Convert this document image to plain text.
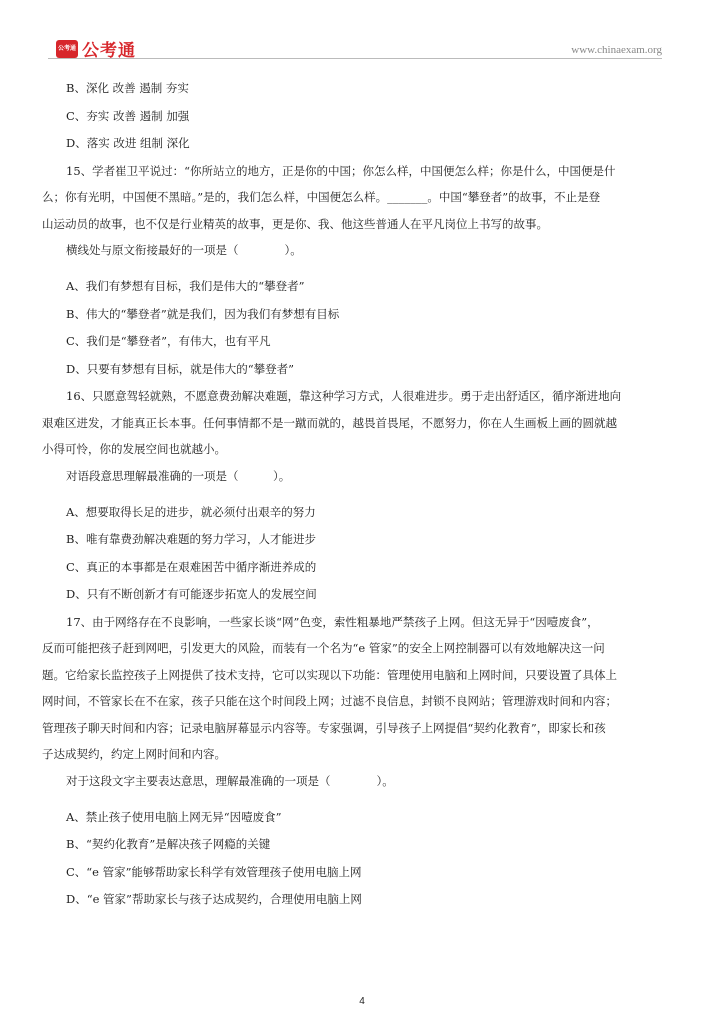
公考通 公考通	www.chinaexam.org
B、深化 改善 遏制 夯实
C、夯实 改善 遏制 加强
D、落实 改进 组制 深化
15、学者崔卫平说过：“你所站立的地方，正是你的中国；你怎么样，中国便怎么样；你是什么，中国便是什
么；你有光明，中国便不黑暗。”是的，我们怎么样，中国便怎么样。_______。中国“攀登者”的故事，不止是登
山运动员的故事，也不仅是行业精英的故事，更是你、我、他这些普通人在平凡岗位上书写的故事。
横线处与原文衔接最好的一项是（　　　　）。
A、我们有梦想有目标，我们是伟大的“攀登者”
B、伟大的“攀登者”就是我们，因为我们有梦想有目标
C、我们是“攀登者”，有伟大，也有平凡
D、只要有梦想有目标，就是伟大的“攀登者”
16、只愿意驾轻就熟，不愿意费劲解决难题，靠这种学习方式，人很难进步。勇于走出舒适区，循序渐进地向
艰难区进发，才能真正长本事。任何事情都不是一蹴而就的，越畏首畏尾，不愿努力，你在人生画板上画的圆就越
小得可怜，你的发展空间也就越小。
对语段意思理解最准确的一项是（　　　）。
A、想要取得长足的进步，就必须付出艰辛的努力
B、唯有靠费劲解决难题的努力学习，人才能进步
C、真正的本事都是在艰难困苦中循序渐进养成的
D、只有不断创新才有可能逐步拓宽人的发展空间
17、由于网络存在不良影响，一些家长谈“网”色变，索性粗暴地严禁孩子上网。但这无异于“因噎废食”，
反而可能把孩子赶到网吧，引发更大的风险，而装有一个名为“e 管家”的安全上网控制器可以有效地解决这一问
题。它给家长监控孩子上网提供了技术支持，它可以实现以下功能：管理使用电脑和上网时间，只要设置了具体上
网时间，不管家长在不在家，孩子只能在这个时间段上网；过滤不良信息，封锁不良网站；管理游戏时间和内容；
管理孩子聊天时间和内容；记录电脑屏幕显示内容等。专家强调，引导孩子上网提倡“契约化教育”，即家长和孩
子达成契约，约定上网时间和内容。
对于这段文字主要表达意思，理解最准确的一项是（　　　　）。
A、禁止孩子使用电脑上网无异“因噎废食”
B、“契约化教育”是解决孩子网瘾的关键
C、“e 管家”能够帮助家长科学有效管理孩子使用电脑上网
D、“e 管家”帮助家长与孩子达成契约，合理使用电脑上网
4
